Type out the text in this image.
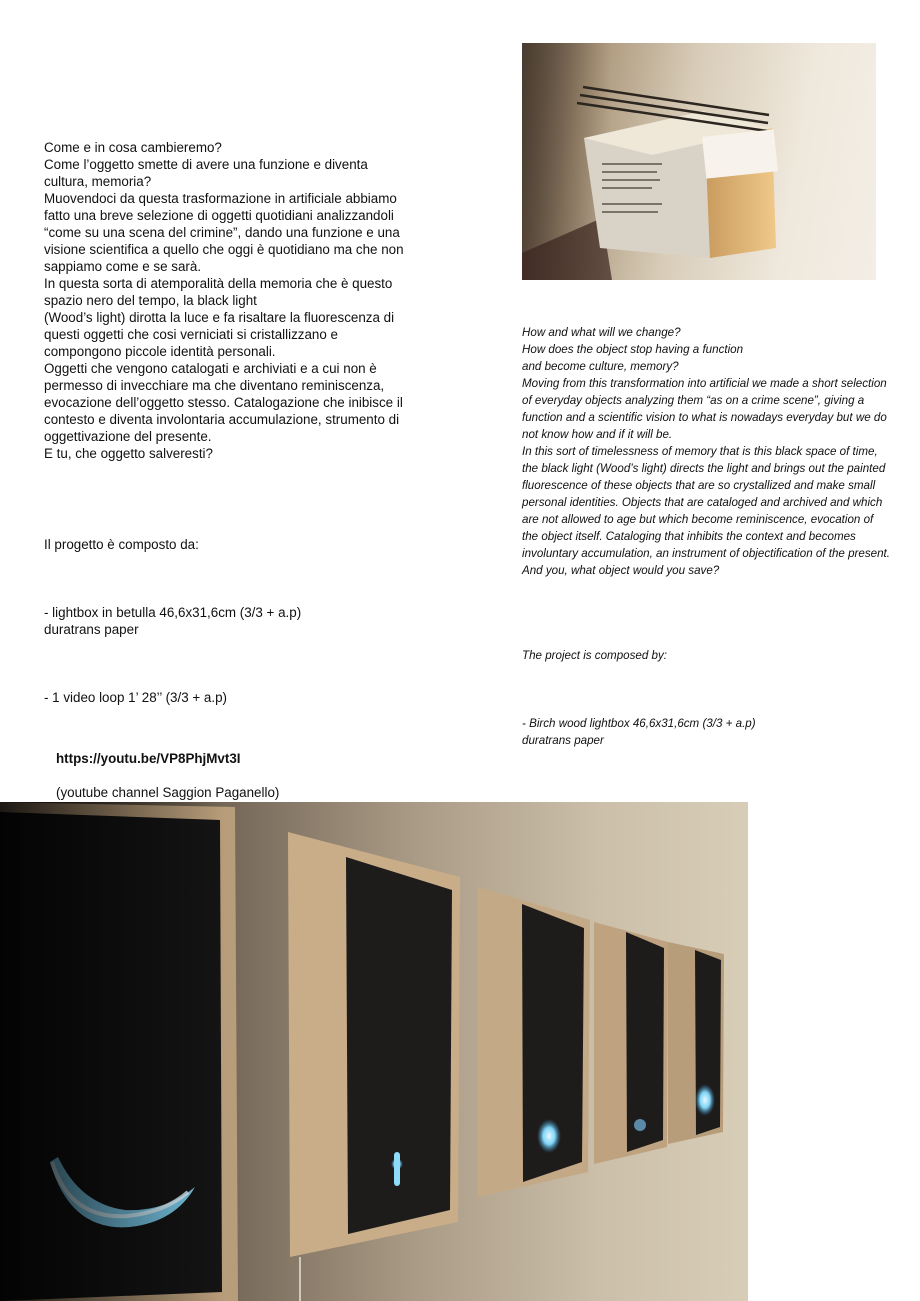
Come e in cosa cambieremo?
Come l’oggetto smette di avere una funzione e diventa cultura, memoria?
Muovendoci da questa trasformazione in artificiale abbiamo fatto una breve selezione di oggetti quotidiani analizzandoli “come su una scena del crimine”, dando una funzione e una visione scientifica a quello che oggi è quotidiano ma che non sappiamo come e se sarà.
In questa sorta di atemporalità della memoria che è questo spazio nero del tempo, la black light
(Wood’s light) dirotta la luce e fa risaltare la fluorescenza di questi oggetti che cosi verniciati si cristallizzano e compongono piccole identità personali.
Oggetti che vengono catalogati e archiviati e a cui non è permesso di invecchiare ma che diventano reminiscenza, evocazione dell’oggetto stesso. Catalogazione che inibisce il contesto e diventa involontaria accumulazione, strumento di oggettivazione del presente.
E tu, che oggetto salveresti?

Il progetto è composto da:

- lightbox in betulla 46,6x31,6cm (3/3 + a.p)
duratrans paper

- 1 video loop 1’ 28’’ (3/3 + a.p)

https://youtu.be/VP8PhjMvt3I

(youtube channel Saggion Paganello)

How and what will we change?
How does the object stop having a function
and become culture, memory?
Moving from this transformation into artificial we made a short selection of everyday objects analyzing them “as on a crime scene”, giving a function and a scientific vision to what is nowadays everyday but we do not know how and if it will be.
In this sort of timelessness of memory that is this black space of time, the black light (Wood’s light) directs the light and brings out the painted fluorescence of these objects that are so crystallized and make small personal identities. Objects that are cataloged and archived and which are not allowed to age but which become reminiscence, evocation of the object itself. Cataloging that inhibits the context and becomes involuntary accumulation, an instrument of objectification of the present.
And you, what object would you save?

The project is composed by:

- Birch wood lightbox 46,6x31,6cm (3/3 + a.p)
duratrans paper
